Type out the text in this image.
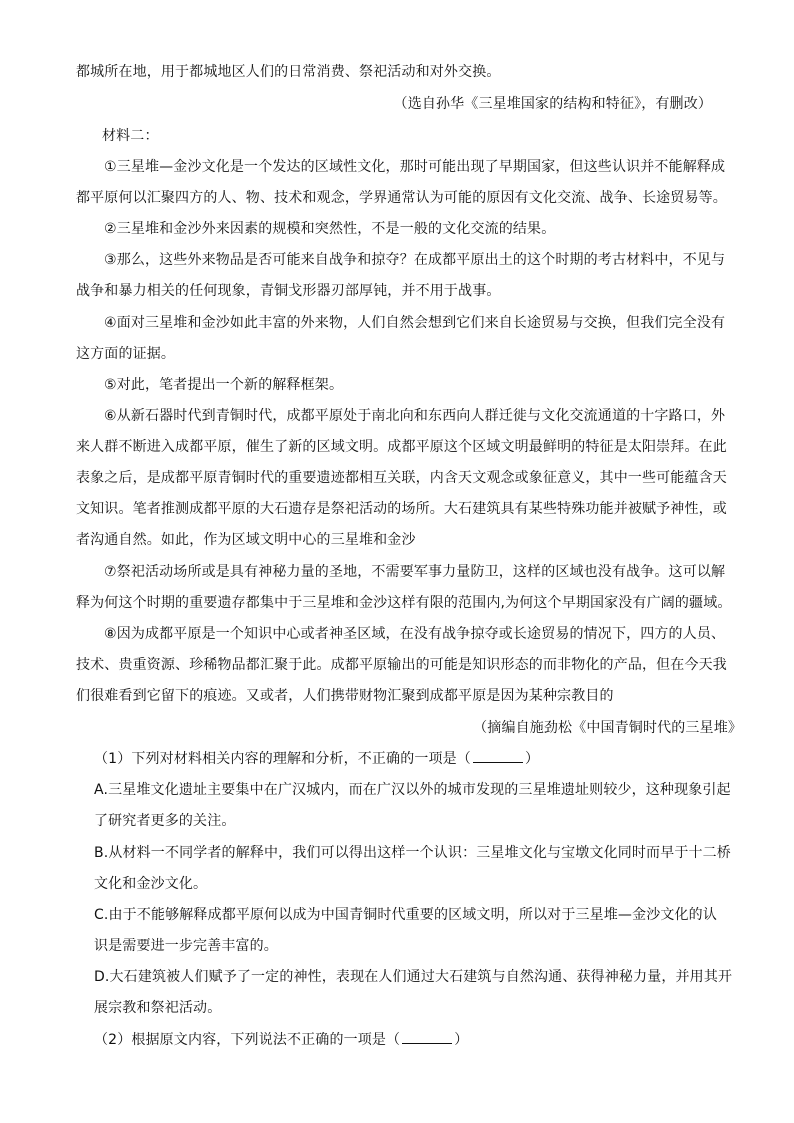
都城所在地，用于都城地区人们的日常消费、祭祀活动和对外交换。
（选自孙华《三星堆国家的结构和特征》，有删改）
材料二：
①三星堆—金沙文化是一个发达的区域性文化，那时可能出现了早期国家，但这些认识并不能解释成
都平原何以汇聚四方的人、物、技术和观念，学界通常认为可能的原因有文化交流、战争、长途贸易等。
②三星堆和金沙外来因素的规模和突然性，不是一般的文化交流的结果。
③那么，这些外来物品是否可能来自战争和掠夺？在成都平原出土的这个时期的考古材料中，不见与
战争和暴力相关的任何现象，青铜戈形器刃部厚钝，并不用于战事。
④面对三星堆和金沙如此丰富的外来物，人们自然会想到它们来自长途贸易与交换，但我们完全没有
这方面的证据。
⑤对此，笔者提出一个新的解释框架。
⑥从新石器时代到青铜时代，成都平原处于南北向和东西向人群迁徙与文化交流通道的十字路口，外
来人群不断进入成都平原，催生了新的区域文明。成都平原这个区域文明最鲜明的特征是太阳崇拜。在此
表象之后，是成都平原青铜时代的重要遗迹都相互关联，内含天文观念或象征意义，其中一些可能蕴含天
文知识。笔者推测成都平原的大石遗存是祭祀活动的场所。大石建筑具有某些特殊功能并被赋予神性，或
者沟通自然。如此，作为区域文明中心的三星堆和金沙
⑦祭祀活动场所或是具有神秘力量的圣地，不需要军事力量防卫，这样的区域也没有战争。这可以解
释为何这个时期的重要遗存都集中于三星堆和金沙这样有限的范围内,为何这个早期国家没有广阔的疆域。
⑧因为成都平原是一个知识中心或者神圣区域，在没有战争掠夺或长途贸易的情况下，四方的人员、
技术、贵重资源、珍稀物品都汇聚于此。成都平原输出的可能是知识形态的而非物化的产品，但在今天我
们很难看到它留下的痕迹。又或者，人们携带财物汇聚到成都平原是因为某种宗教目的
（摘编自施劲松《中国青铜时代的三星堆》
（1）下列对材料相关内容的理解和分析，不正确的一项是（	）
A.三星堆文化遗址主要集中在广汉城内，而在广汉以外的城市发现的三星堆遗址则较少，这种现象引起
了研究者更多的关注。
B.从材料一不同学者的解释中，我们可以得出这样一个认识：三星堆文化与宝墩文化同时而早于十二桥
文化和金沙文化。
C.由于不能够解释成都平原何以成为中国青铜时代重要的区域文明，所以对于三星堆—金沙文化的认
识是需要进一步完善丰富的。
D.大石建筑被人们赋予了一定的神性，表现在人们通过大石建筑与自然沟通、获得神秘力量，并用其开
展宗教和祭祀活动。
（2）根据原文内容，下列说法不正确的一项是（	）
